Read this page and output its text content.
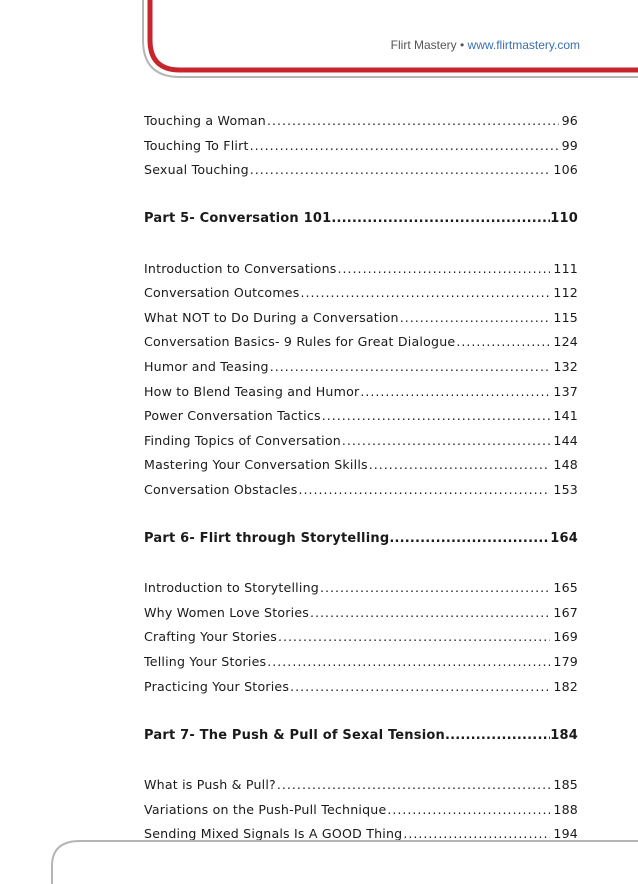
Flirt Mastery • www.flirtmastery.com
Touching a Woman .....	96
Touching To Flirt .....	99
Sexual Touching .....	106
Part 5- Conversation 101 .....	110
Introduction to Conversations .....	111
Conversation Outcomes .....	112
What NOT to Do During a Conversation .....	115
Conversation Basics- 9 Rules for Great Dialogue .....	124
Humor and Teasing .....	132
How to Blend Teasing and Humor .....	137
Power Conversation Tactics .....	141
Finding Topics of Conversation .....	144
Mastering Your Conversation Skills .....	148
Conversation Obstacles .....	153
Part 6- Flirt through Storytelling .....	164
Introduction to Storytelling .....	165
Why Women Love Stories .....	167
Crafting Your Stories .....	169
Telling Your Stories .....	179
Practicing Your Stories .....	182
Part 7- The Push & Pull of Sexal Tension .....	184
What is Push & Pull? .....	185
Variations on the Push-Pull Technique .....	188
Sending Mixed Signals Is A GOOD Thing .....	194
